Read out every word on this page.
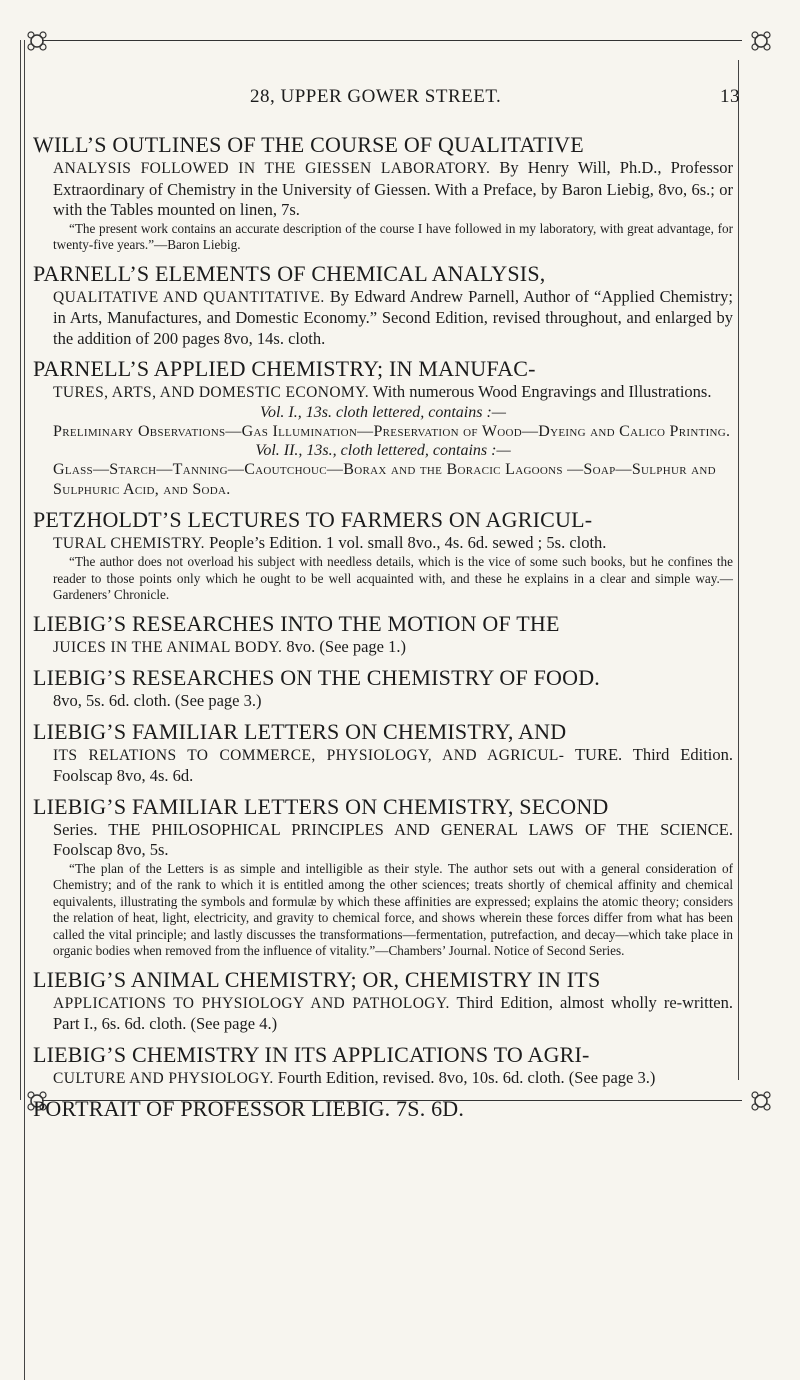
28, UPPER GOWER STREET.	13

WILL’S OUTLINES OF THE COURSE OF QUALITATIVE

ANALYSIS FOLLOWED IN THE GIESSEN LABORATORY. By Henry Will, Ph.D., Professor Extraordinary of Chemistry in the University of Giessen. With a Preface, by Baron Liebig, 8vo, 6s.; or with the Tables mounted on linen, 7s.

“The present work contains an accurate description of the course I have followed in my laboratory, with great advantage, for twenty-five years.”—Baron Liebig.

PARNELL’S ELEMENTS OF CHEMICAL ANALYSIS,

QUALITATIVE AND QUANTITATIVE. By Edward Andrew Parnell, Author of “Applied Chemistry; in Arts, Manufactures, and Domestic Economy.” Second Edition, revised throughout, and enlarged by the addition of 200 pages 8vo, 14s. cloth.

PARNELL’S APPLIED CHEMISTRY; IN MANUFAC-

TURES, ARTS, AND DOMESTIC ECONOMY. With numerous Wood Engravings and Illustrations.

Vol. I., 13s. cloth lettered, contains :—

Preliminary Observations—Gas Illumination—Preservation of Wood—Dyeing and Calico Printing.

Vol. II., 13s., cloth lettered, contains :—

Glass—Starch—Tanning—Caoutchouc—Borax and the Boracic Lagoons —Soap—Sulphur and Sulphuric Acid, and Soda.

PETZHOLDT’S LECTURES TO FARMERS ON AGRICUL-

TURAL CHEMISTRY. People’s Edition. 1 vol. small 8vo., 4s. 6d. sewed ; 5s. cloth.

“The author does not overload his subject with needless details, which is the vice of some such books, but he confines the reader to those points only which he ought to be well acquainted with, and these he explains in a clear and simple way.—Gardeners’ Chronicle.

LIEBIG’S RESEARCHES INTO THE MOTION OF THE

JUICES IN THE ANIMAL BODY. 8vo. (See page 1.)

LIEBIG’S RESEARCHES ON THE CHEMISTRY OF FOOD.

8vo, 5s. 6d. cloth. (See page 3.)

LIEBIG’S FAMILIAR LETTERS ON CHEMISTRY, AND

ITS RELATIONS TO COMMERCE, PHYSIOLOGY, AND AGRICUL- TURE. Third Edition. Foolscap 8vo, 4s. 6d.

LIEBIG’S FAMILIAR LETTERS ON CHEMISTRY, SECOND

Series. THE PHILOSOPHICAL PRINCIPLES AND GENERAL LAWS OF THE SCIENCE. Foolscap 8vo, 5s.

“The plan of the Letters is as simple and intelligible as their style. The author sets out with a general consideration of Chemistry; and of the rank to which it is entitled among the other sciences; treats shortly of chemical affinity and chemical equivalents, illustrating the symbols and formulæ by which these affinities are expressed; explains the atomic theory; considers the relation of heat, light, electricity, and gravity to chemical force, and shows wherein these forces differ from what has been called the vital principle; and lastly discusses the transformations—fermentation, putrefaction, and decay—which take place in organic bodies when removed from the influence of vitality.”—Chambers’ Journal. Notice of Second Series.

LIEBIG’S ANIMAL CHEMISTRY; OR, CHEMISTRY IN ITS

APPLICATIONS TO PHYSIOLOGY AND PATHOLOGY. Third Edition, almost wholly re-written. Part I., 6s. 6d. cloth. (See page 4.)

LIEBIG’S CHEMISTRY IN ITS APPLICATIONS TO AGRI-

CULTURE AND PHYSIOLOGY. Fourth Edition, revised. 8vo, 10s. 6d. cloth. (See page 3.)

PORTRAIT OF PROFESSOR LIEBIG. 7S. 6D.
